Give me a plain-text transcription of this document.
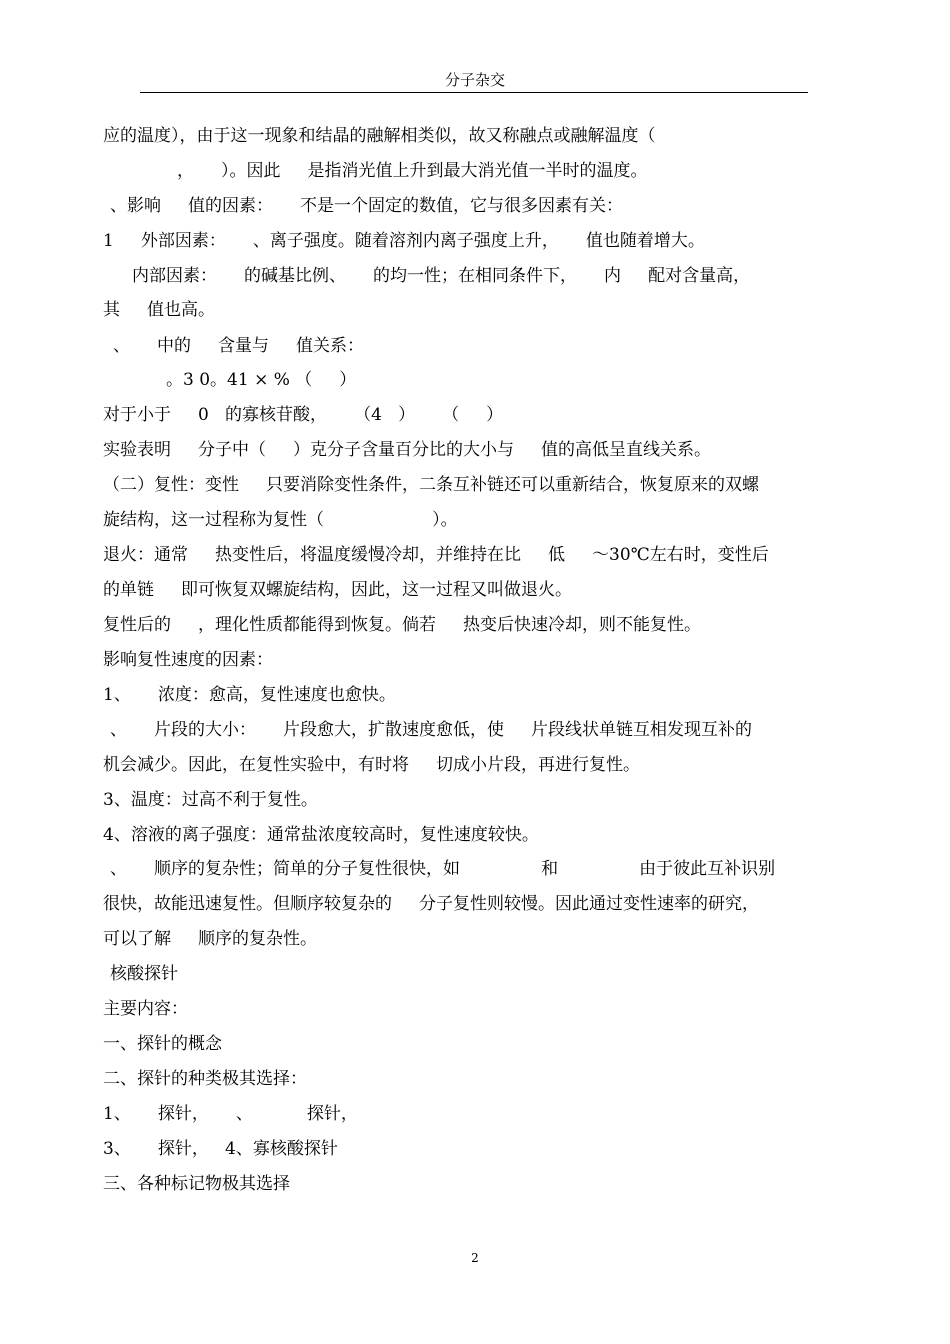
分子杂交
应的温度），由于这一现象和结晶的融解相类似，故又称融点或融解温度（
，     ）。因此     是指消光值上升到最大消光值一半时的温度。
、影响     值的因素：     不是一个固定的数值，它与很多因素有关：
1     外部因素：     、离子强度。随着溶剂内离子强度上升，     值也随着增大。
内部因素：     的碱基比例、     的均一性；在相同条件下，     内     配对含量高，
其     值也高。
、     中的     含量与     值关系：
。3 0。41 × % （     ）
对于小于     0   的寡核苷酸，     （4   ）     （     ）
实验表明     分子中（     ）克分子含量百分比的大小与     值的高低呈直线关系。
（二）复性：变性     只要消除变性条件，二条互补链还可以重新结合，恢复原来的双螺
旋结构，这一过程称为复性（                    ）。
退火：通常     热变性后，将温度缓慢冷却，并维持在比     低     ～30℃左右时，变性后
的单链     即可恢复双螺旋结构，因此，这一过程又叫做退火。
复性后的     ，理化性质都能得到恢复。倘若     热变后快速冷却，则不能复性。
影响复性速度的因素：
1、     浓度：愈高，复性速度也愈快。
、     片段的大小：     片段愈大，扩散速度愈低，使     片段线状单链互相发现互补的
机会减少。因此，在复性实验中，有时将     切成小片段，再进行复性。
3、温度：过高不利于复性。
4、溶液的离子强度：通常盐浓度较高时，复性速度较快。
、     顺序的复杂性；简单的分子复性很快，如               和               由于彼此互补识别
很快，故能迅速复性。但顺序较复杂的     分子复性则较慢。因此通过变性速率的研究，
可以了解     顺序的复杂性。
核酸探针
主要内容：
一、探针的概念
二、探针的种类极其选择：
1、     探针，     、          探针，
3、     探针，   4、寡核酸探针
三、各种标记物极其选择
2
